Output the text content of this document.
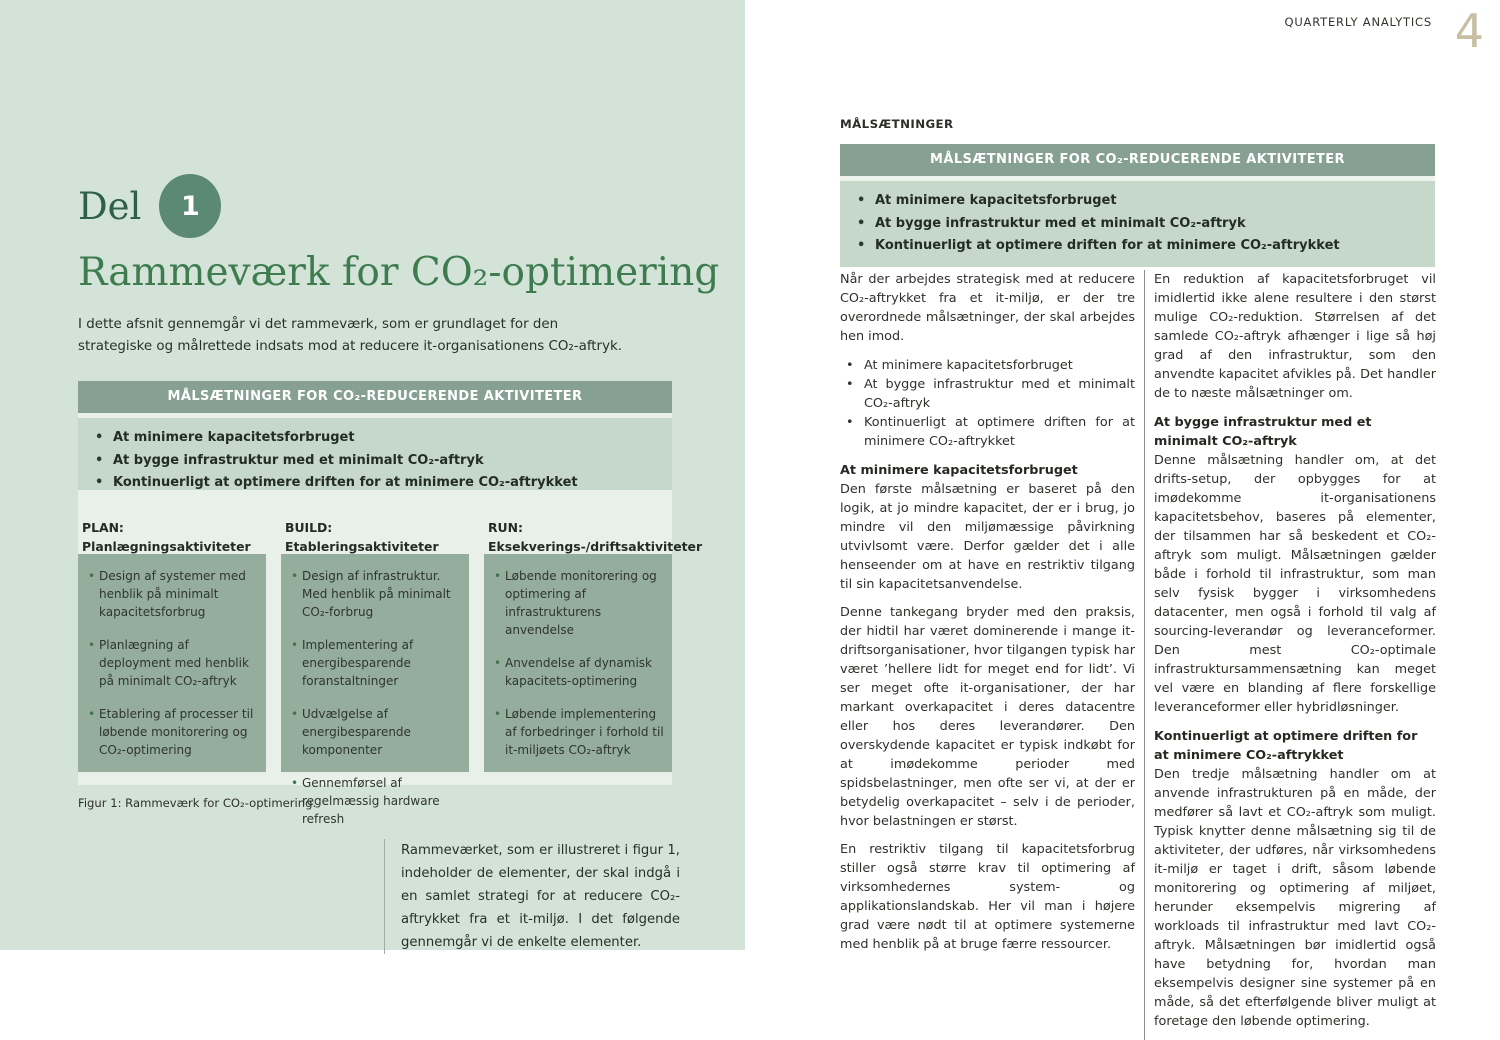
Del 1
Rammeværk for CO₂-optimering

I dette afsnit gennemgår vi det rammeværk, som er grundlaget for den strategiske og målrettede indsats mod at reducere it-organisationens CO₂-aftryk.

MÅLSÆTNINGER FOR CO₂-REDUCERENDE AKTIVITETER
• At minimere kapacitetsforbruget
• At bygge infrastruktur med et minimalt CO₂-aftryk
• Kontinuerligt at optimere driften for at minimere CO₂-aftrykket
PLAN:
Planlægningsaktiviteter
• Design af systemer med henblik på minimalt kapacitetsforbrug
• Planlægning af deployment med henblik på minimalt CO₂-aftryk
• Etablering af processer til løbende monitorering og CO₂-optimering
BUILD:
Etableringsaktiviteter
• Design af infrastruktur. Med henblik på minimalt CO₂-forbrug
• Implementering af energibesparende foranstaltninger
• Udvælgelse af energibesparende komponenter
• Gennemførsel af regelmæssig hardware refresh
RUN:
Eksekverings-/driftsaktiviteter
• Løbende monitorering og optimering af infrastrukturens anvendelse
• Anvendelse af dynamisk kapacitets-optimering
• Løbende implementering af forbedringer i forhold til it-miljøets CO₂-aftryk
Figur 1: Rammeværk for CO₂-optimering.
Rammeværket, som er illustreret i figur 1, indeholder de elementer, der skal indgå i en samlet strategi for at reducere CO₂-aftrykket fra et it-miljø. I det følgende gennemgår vi de enkelte elementer.
QUARTERLY ANALYTICS 4
MÅLSÆTNINGER
MÅLSÆTNINGER FOR CO₂-REDUCERENDE AKTIVITETER
• At minimere kapacitetsforbruget
• At bygge infrastruktur med et minimalt CO₂-aftryk
• Kontinuerligt at optimere driften for at minimere CO₂-aftrykket

Når der arbejdes strategisk med at reducere CO₂-aftrykket fra et it-miljø, er der tre overordnede målsætninger, der skal arbejdes hen imod.

• At minimere kapacitetsforbruget
• At bygge infrastruktur med et minimalt CO₂-aftryk
• Kontinuerligt at optimere driften for at minimere CO₂-aftrykket
At minimere kapacitetsforbruget

Den første målsætning er baseret på den logik, at jo mindre kapacitet, der er i brug, jo mindre vil den miljømæssige påvirkning utvivlsomt være. Derfor gælder det i alle henseender om at have en restriktiv tilgang til sin kapacitetsanvendelse.

Denne tankegang bryder med den praksis, der hidtil har været dominerende i mange it-driftsorganisationer, hvor tilgangen typisk har været ’hellere lidt for meget end for lidt’. Vi ser meget ofte it-organisationer, der har markant overkapacitet i deres datacentre eller hos deres leverandører. Den overskydende kapacitet er typisk indkøbt for at imødekomme perioder med spidsbelastninger, men ofte ser vi, at der er betydelig overkapacitet – selv i de perioder, hvor belastningen er størst.

En restriktiv tilgang til kapacitetsforbrug stiller også større krav til optimering af virksomhedernes system- og applikationslandskab. Her vil man i højere grad være nødt til at optimere systemerne med henblik på at bruge færre ressourcer.

En reduktion af kapacitetsforbruget vil imidlertid ikke alene resultere i den størst mulige CO₂-reduktion. Størrelsen af det samlede CO₂-aftryk afhænger i lige så høj grad af den infrastruktur, som den anvendte kapacitet afvikles på. Det handler de to næste målsætninger om.

At bygge infrastruktur med et minimalt CO₂-aftryk

Denne målsætning handler om, at det drifts-setup, der opbygges for at imødekomme it-organisationens kapacitetsbehov, baseres på elementer, der tilsammen har så beskedent et CO₂-aftryk som muligt. Målsætningen gælder både i forhold til infrastruktur, som man selv fysisk bygger i virksomhedens datacenter, men også i forhold til valg af sourcing-leverandør og leveranceformer. Den mest CO₂-optimale infrastruktursammensætning kan meget vel være en blanding af flere forskellige leveranceformer eller hybridløsninger.

Kontinuerligt at optimere driften for at minimere CO₂-aftrykket

Den tredje målsætning handler om at anvende infrastrukturen på en måde, der medfører så lavt et CO₂-aftryk som muligt. Typisk knytter denne målsætning sig til de aktiviteter, der udføres, når virksomhedens it-miljø er taget i drift, såsom løbende monitorering og optimering af miljøet, herunder eksempelvis migrering af workloads til infrastruktur med lavt CO₂-aftryk. Målsætningen bør imidlertid også have betydning for, hvordan man eksempelvis designer sine systemer på en måde, så det efterfølgende bliver muligt at foretage den løbende optimering.
